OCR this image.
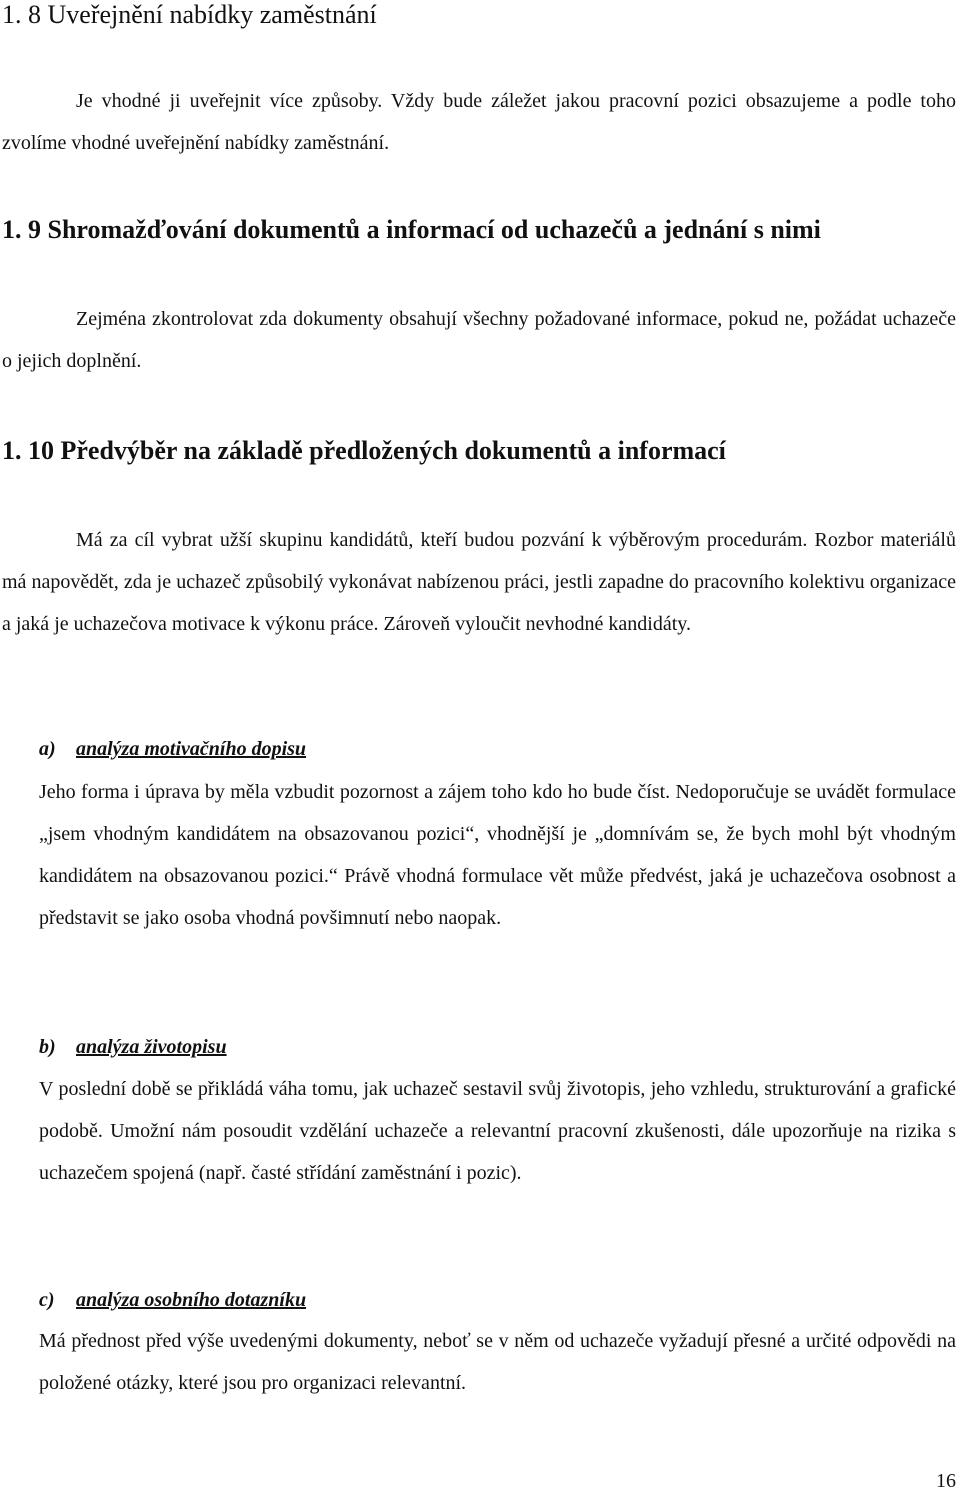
1. 8 Uveřejnění nabídky zaměstnání

Je vhodné ji uveřejnit více způsoby. Vždy bude záležet jakou pracovní pozici obsazujeme a podle toho zvolíme vhodné uveřejnění nabídky zaměstnání.

1. 9 Shromažďování dokumentů a informací od uchazečů a jednání s nimi

Zejména zkontrolovat zda dokumenty obsahují všechny požadované informace, pokud ne, požádat uchazeče o jejich doplnění.

1. 10 Předvýběr na základě předložených dokumentů a informací

Má za cíl vybrat užší skupinu kandidátů, kteří budou pozvání k výběrovým procedurám. Rozbor materiálů má napovědět, zda je uchazeč způsobilý vykonávat nabízenou práci, jestli zapadne do pracovního kolektivu organizace a jaká je uchazečova motivace k výkonu práce. Zároveň vyloučit nevhodné kandidáty.

a) analýza motivačního dopisu

Jeho forma i úprava by měla vzbudit pozornost a zájem toho kdo ho bude číst. Nedoporučuje se uvádět formulace „jsem vhodným kandidátem na obsazovanou pozici“, vhodnější je „domnívám se, že bych mohl být vhodným kandidátem na obsazovanou pozici.“ Právě vhodná formulace vět může předvést, jaká je uchazečova osobnost a představit se jako osoba vhodná povšimnutí nebo naopak.

b) analýza životopisu

V poslední době se přikládá váha tomu, jak uchazeč sestavil svůj životopis, jeho vzhledu, strukturování a grafické podobě. Umožní nám posoudit vzdělání uchazeče a relevantní pracovní zkušenosti, dále upozorňuje na rizika s uchazečem spojená (např. časté střídání zaměstnání i pozic).

c) analýza osobního dotazníku

Má přednost před výše uvedenými dokumenty, neboť se v něm od uchazeče vyžadují přesné a určité odpovědi na položené otázky, které jsou pro organizaci relevantní.

16
